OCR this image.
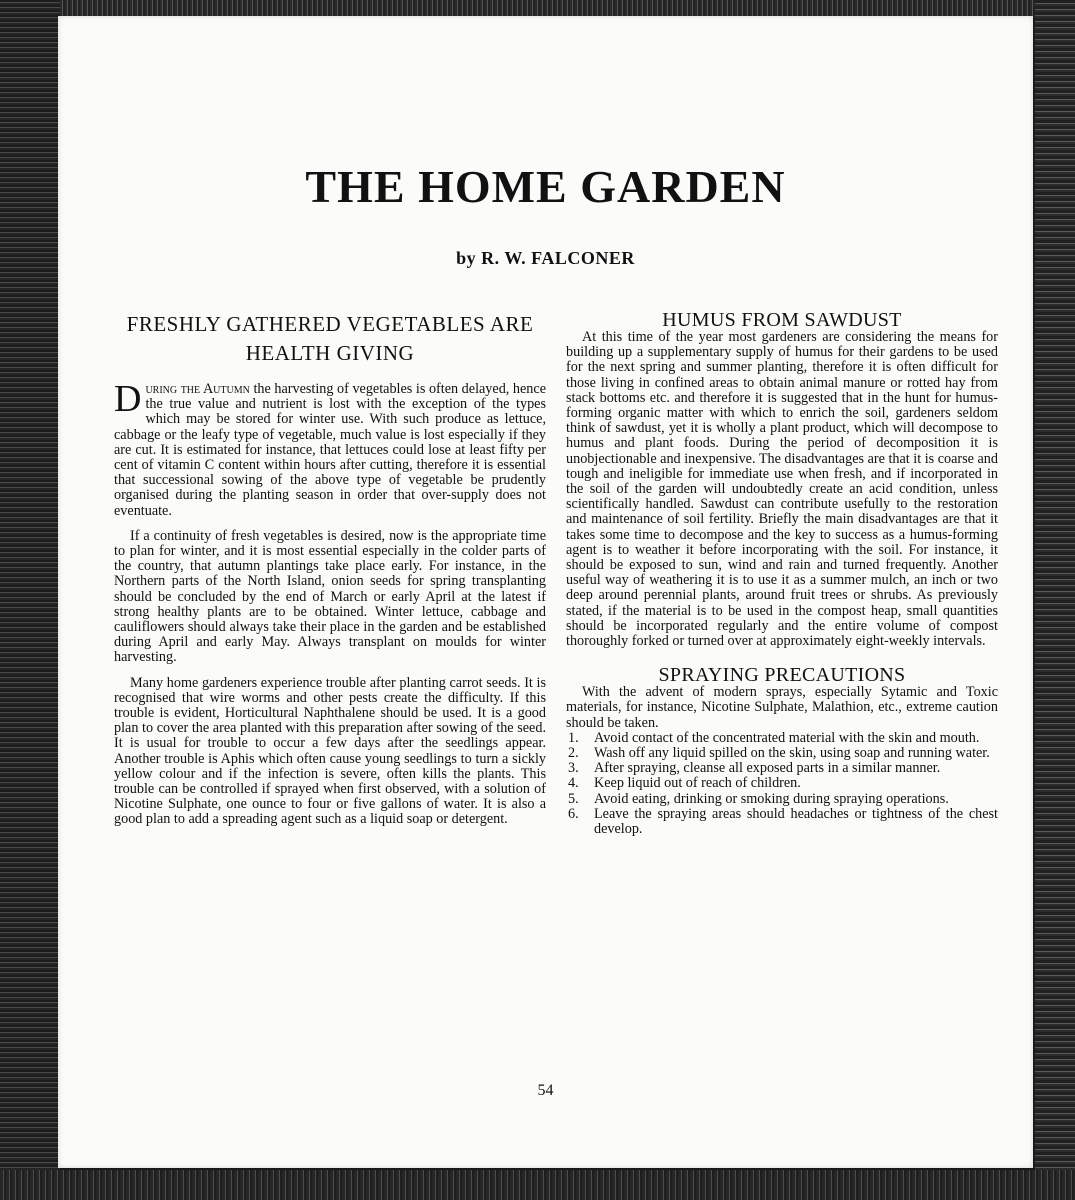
THE HOME GARDEN

by R. W. FALCONER

FRESHLY GATHERED VEGETABLES ARE HEALTH GIVING

During the Autumn the harvesting of vegetables is often delayed, hence the true value and nutrient is lost with the exception of the types which may be stored for winter use. With such produce as lettuce, cabbage or the leafy type of vegetable, much value is lost especially if they are cut. It is estimated for instance, that lettuces could lose at least fifty per cent of vitamin C content within hours after cutting, therefore it is essential that successional sowing of the above type of vegetable be prudently organised during the planting season in order that over-supply does not eventuate.

If a continuity of fresh vegetables is desired, now is the appropriate time to plan for winter, and it is most essential especially in the colder parts of the country, that autumn plantings take place early. For instance, in the Northern parts of the North Island, onion seeds for spring transplanting should be concluded by the end of March or early April at the latest if strong healthy plants are to be obtained. Winter lettuce, cabbage and cauliflowers should always take their place in the garden and be established during April and early May. Always transplant on moulds for winter harvesting.

Many home gardeners experience trouble after planting carrot seeds. It is recognised that wire worms and other pests create the difficulty. If this trouble is evident, Horticultural Naphthalene should be used. It is a good plan to cover the area planted with this preparation after sowing of the seed. It is usual for trouble to occur a few days after the seedlings appear. Another trouble is Aphis which often cause young seedlings to turn a sickly yellow colour and if the infection is severe, often kills the plants. This trouble can be controlled if sprayed when first observed, with a solution of Nicotine Sulphate, one ounce to four or five gallons of water. It is also a good plan to add a spreading agent such as a liquid soap or detergent.

HUMUS FROM SAWDUST

At this time of the year most gardeners are considering the means for building up a supplementary supply of humus for their gardens to be used for the next spring and summer planting, therefore it is often difficult for those living in confined areas to obtain animal manure or rotted hay from stack bottoms etc. and therefore it is suggested that in the hunt for humus-forming organic matter with which to enrich the soil, gardeners seldom think of sawdust, yet it is wholly a plant product, which will decompose to humus and plant foods. During the period of decomposition it is unobjectionable and inexpensive. The disadvantages are that it is coarse and tough and ineligible for immediate use when fresh, and if incorporated in the soil of the garden will undoubtedly create an acid condition, unless scientifically handled. Sawdust can contribute usefully to the restoration and maintenance of soil fertility. Briefly the main disadvantages are that it takes some time to decompose and the key to success as a humus-forming agent is to weather it before incorporating with the soil. For instance, it should be exposed to sun, wind and rain and turned frequently. Another useful way of weathering it is to use it as a summer mulch, an inch or two deep around perennial plants, around fruit trees or shrubs. As previously stated, if the material is to be used in the compost heap, small quantities should be incorporated regularly and the entire volume of compost thoroughly forked or turned over at approximately eight-weekly intervals.

SPRAYING PRECAUTIONS

With the advent of modern sprays, especially Sytamic and Toxic materials, for instance, Nicotine Sulphate, Malathion, etc., extreme caution should be taken.

1.	Avoid contact of the concentrated material with the skin and mouth.
2.	Wash off any liquid spilled on the skin, using soap and running water.
3.	After spraying, cleanse all exposed parts in a similar manner.
4.	Keep liquid out of reach of children.
5.	Avoid eating, drinking or smoking during spraying operations.
6.	Leave the spraying areas should headaches or tightness of the chest develop.

54
